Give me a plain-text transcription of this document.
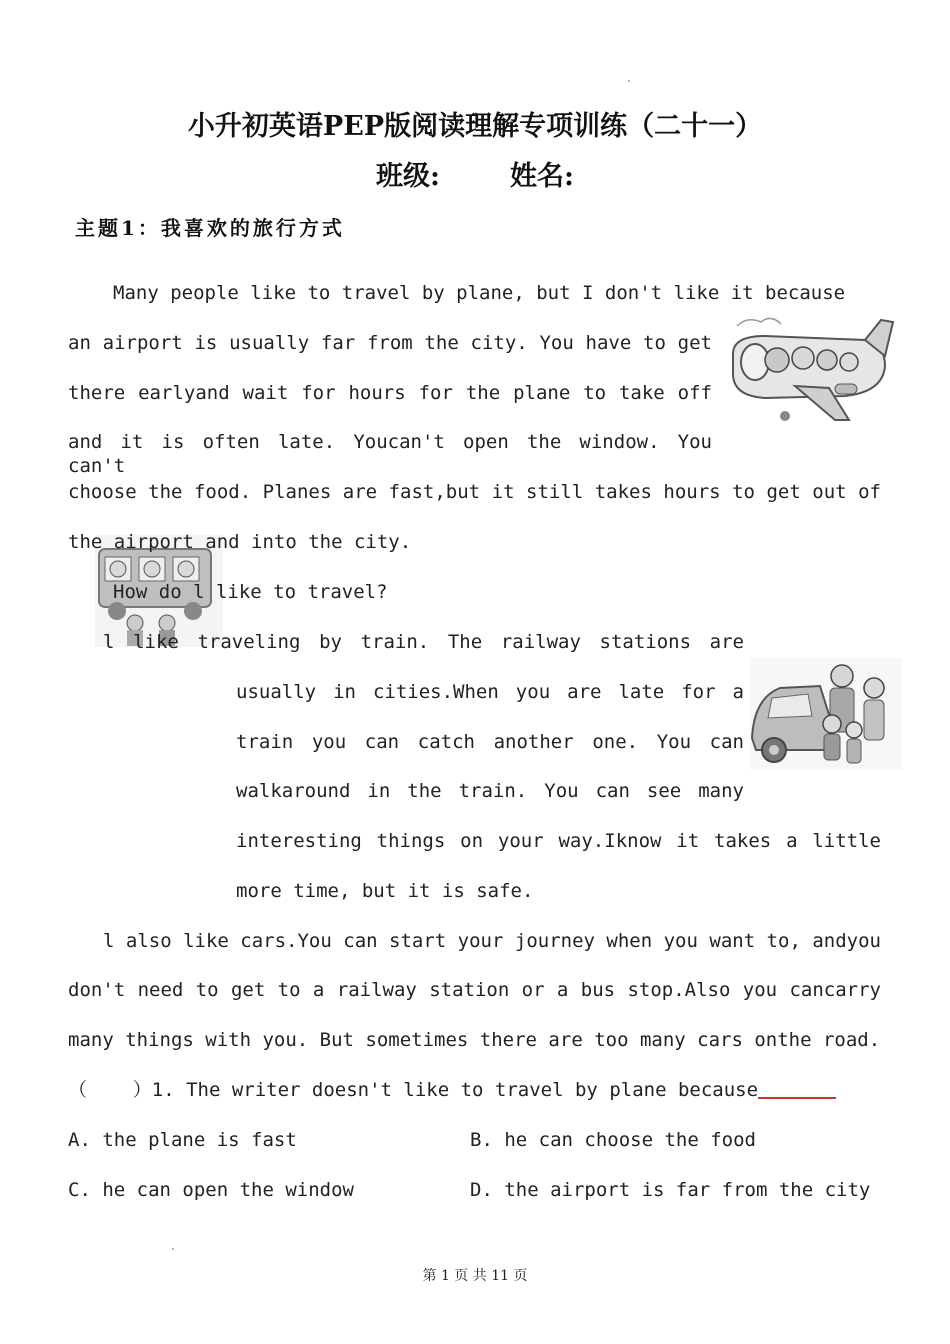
小升初英语PEP版阅读理解专项训练（二十一）
班级:	姓名:
主题1：我喜欢的旅行方式
Many people like to travel by plane, but I don't like it because
an airport is usually far from the city. You have to get
there earlyand wait for hours for the plane to take off
and it is often late. Youcan't open the window. You can't
choose the food. Planes are fast,but it still takes hours to get out of
the airport and into the city.
How do l like to travel?
l like traveling by train. The railway stations are
usually in cities.When you are late for a
train you can catch another one. You can
walkaround in the train. You can see many
interesting things on your way.Iknow it takes a little
more time, but it is safe.
l also like cars.You can start your journey when you want to, andyou
don't need to get to a railway station or a bus stop.Also you cancarry
many things with you. But sometimes there are too many cars onthe road.
（    ）1. The writer doesn't like to travel by plane because
A. the plane is fast	B. he can choose the food
C. he can open the window	D. the airport is far from the city
第 1 页 共 11 页
